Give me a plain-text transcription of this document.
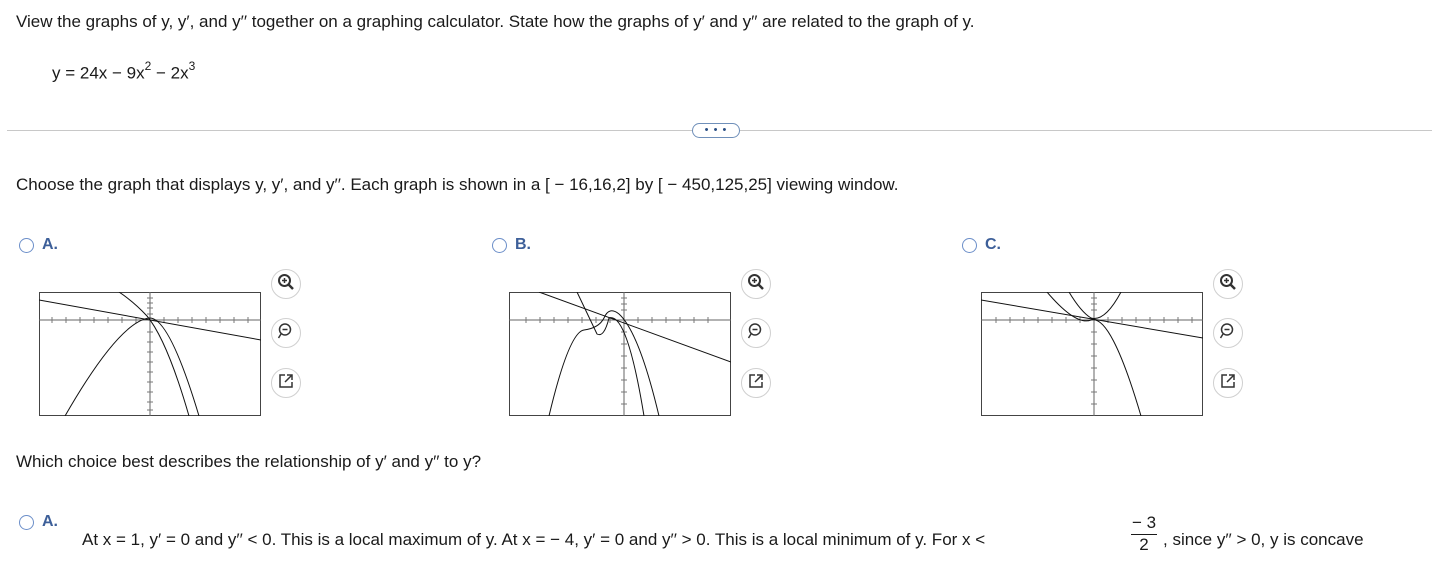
View the graphs of y, y′, and y′′ together on a graphing calculator. State how the graphs of y′ and y′′ are related to the graph of y.
$y = 24x - 9x^2 - 2x^3$
• • •
Choose the graph that displays y, y′, and y′′. Each graph is shown in a [ − 16,16,2] by [ − 450,125,25] viewing window.
A.	B.	C.
Which choice best describes the relationship of y′ and y′′ to y?
A.
At x = 1, y′ = 0 and y′′ < 0. This is a local maximum of y. At x = − 4, y′ = 0 and y′′ > 0. This is a local minimum of y. For x <
− 3
2 , since y′′ > 0, y is concave
